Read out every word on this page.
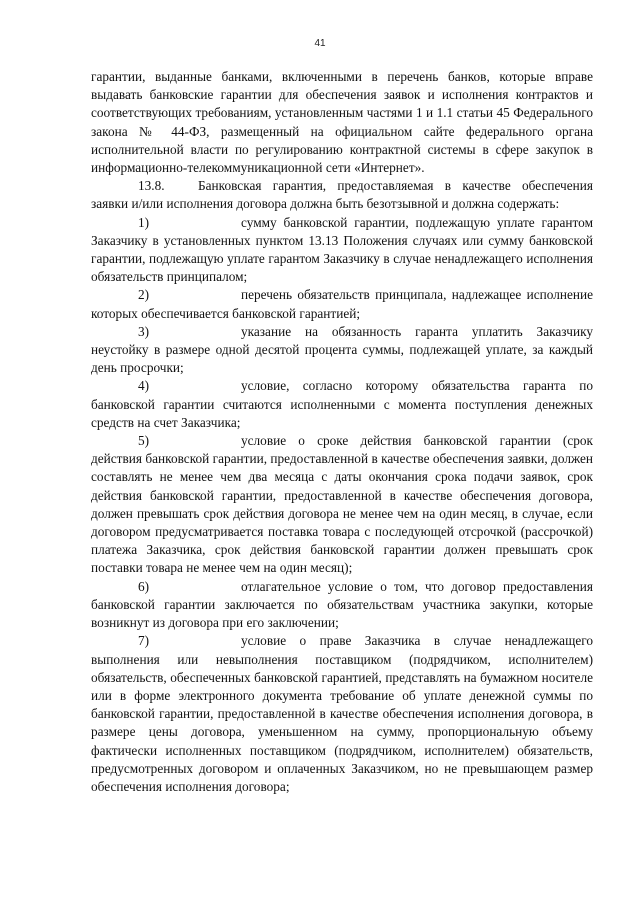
41

гарантии, выданные банками, включенными в перечень банков, которые вправе выдавать банковские гарантии для обеспечения заявок и исполнения контрактов и соответствующих требованиям, установленным частями 1 и 1.1 статьи 45 Федерального закона № 44-ФЗ, размещенный на официальном сайте федерального органа исполнительной власти по регулированию контрактной системы в сфере закупок в информационно-телекоммуникационной сети «Интернет».

13.8.	Банковская гарантия, предоставляемая в качестве обеспечения заявки и/или исполнения договора должна быть безотзывной и должна содержать:

1)	сумму банковской гарантии, подлежащую уплате гарантом Заказчику в установленных пунктом 13.13 Положения случаях или сумму банковской гарантии, подлежащую уплате гарантом Заказчику в случае ненадлежащего исполнения обязательств принципалом;

2)	перечень обязательств принципала, надлежащее исполнение которых обеспечивается банковской гарантией;

3)	указание на обязанность гаранта уплатить Заказчику неустойку в размере одной десятой процента суммы, подлежащей уплате, за каждый день просрочки;

4)	условие, согласно которому обязательства гаранта по банковской гарантии считаются исполненными с момента поступления денежных средств на счет Заказчика;

5)	условие о сроке действия банковской гарантии (срок действия банковской гарантии, предоставленной в качестве обеспечения заявки, должен составлять не менее чем два месяца с даты окончания срока подачи заявок, срок действия банковской гарантии, предоставленной в качестве обеспечения договора, должен превышать срок действия договора не менее чем на один месяц, в случае, если договором предусматривается поставка товара с последующей отсрочкой (рассрочкой) платежа Заказчика, срок действия банковской гарантии должен превышать срок поставки товара не менее чем на один месяц);

6)	отлагательное условие о том, что договор предоставления банковской гарантии заключается по обязательствам участника закупки, которые возникнут из договора при его заключении;

7)	условие о праве Заказчика в случае ненадлежащего выполнения или невыполнения поставщиком (подрядчиком, исполнителем) обязательств, обеспеченных банковской гарантией, представлять на бумажном носителе или в форме электронного документа требование об уплате денежной суммы по банковской гарантии, предоставленной в качестве обеспечения исполнения договора, в размере цены договора, уменьшенном на сумму, пропорциональную объему фактически исполненных поставщиком (подрядчиком, исполнителем) обязательств, предусмотренных договором и оплаченных Заказчиком, но не превышающем размер обеспечения исполнения договора;
